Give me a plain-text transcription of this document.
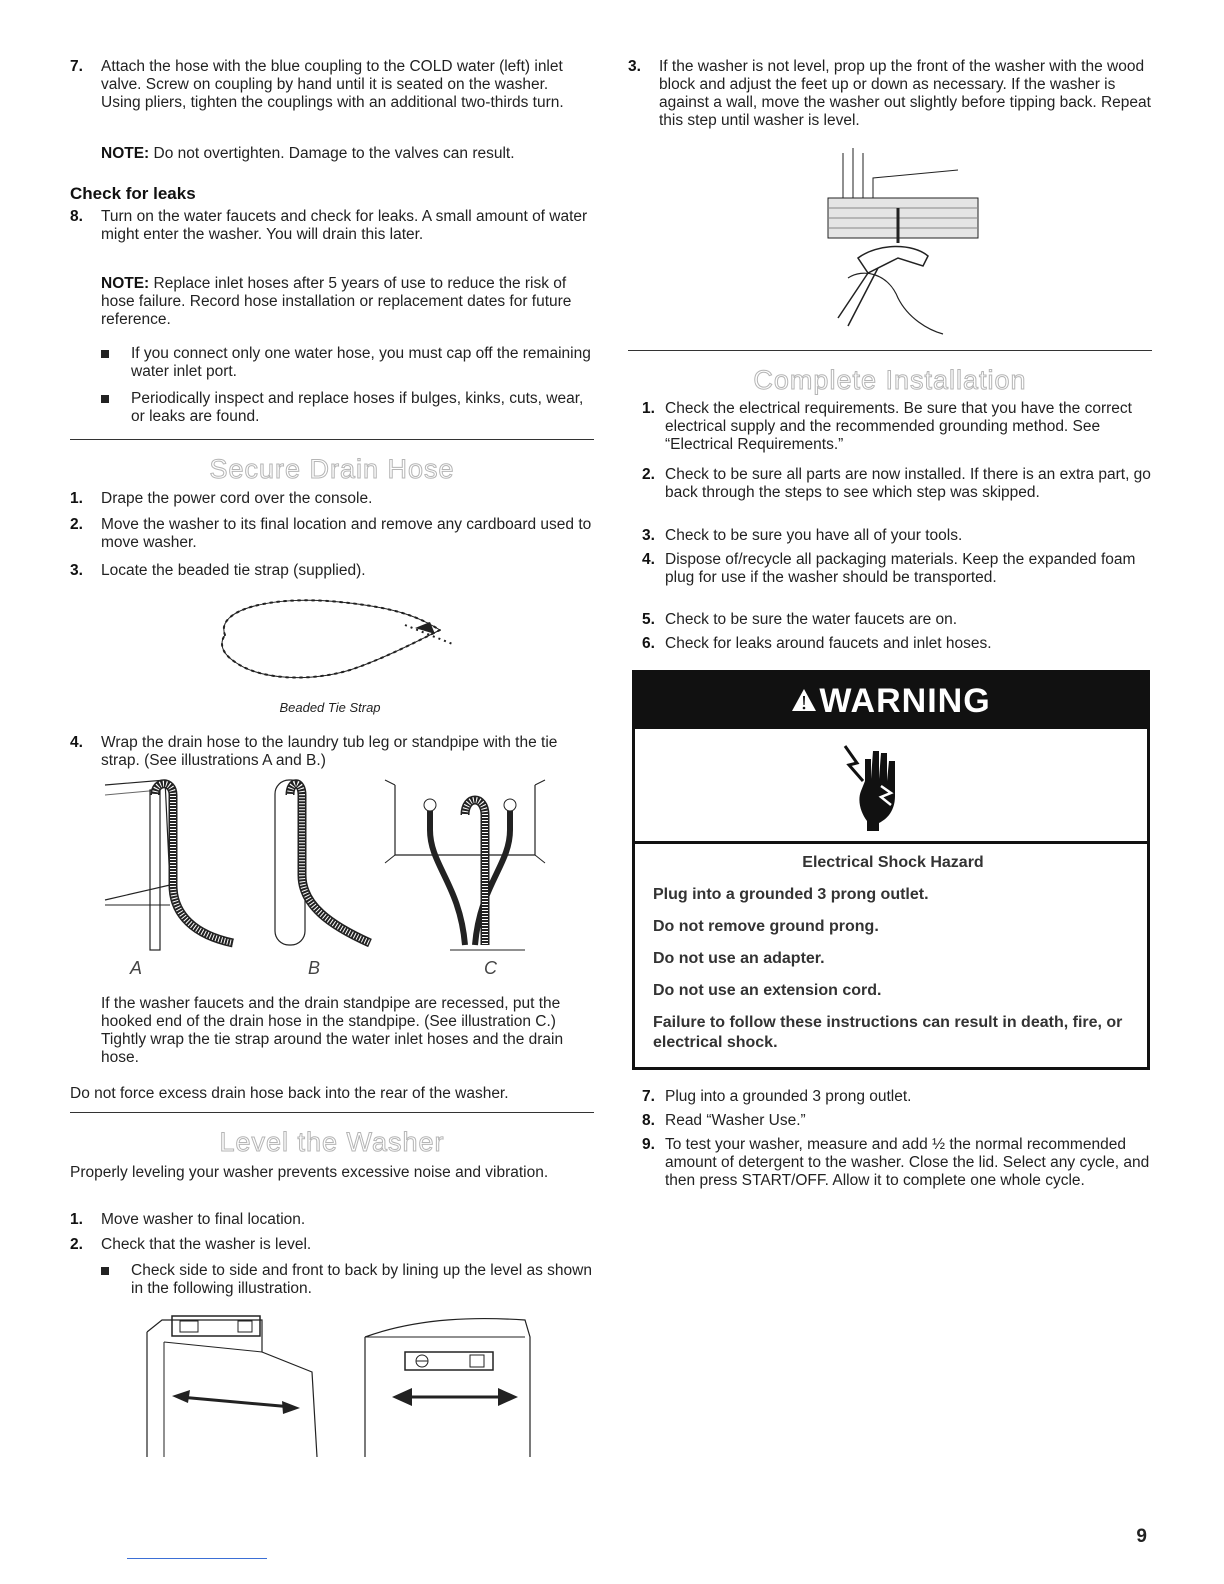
7. Attach the hose with the blue coupling to the COLD water (left) inlet valve. Screw on coupling by hand until it is seated on the washer. Using pliers, tighten the couplings with an additional two-thirds turn.
NOTE: Do not overtighten. Damage to the valves can result.
Check for leaks
8. Turn on the water faucets and check for leaks. A small amount of water might enter the washer. You will drain this later.
NOTE: Replace inlet hoses after 5 years of use to reduce the risk of hose failure. Record hose installation or replacement dates for future reference.
If you connect only one water hose, you must cap off the remaining water inlet port.
Periodically inspect and replace hoses if bulges, kinks, cuts, wear, or leaks are found.
Secure Drain Hose
1. Drape the power cord over the console.
2. Move the washer to its final location and remove any cardboard used to move washer.
3. Locate the beaded tie strap (supplied).
Beaded Tie Strap
4. Wrap the drain hose to the laundry tub leg or standpipe with the tie strap. (See illustrations A and B.)
A	B	C
If the washer faucets and the drain standpipe are recessed, put the hooked end of the drain hose in the standpipe. (See illustration C.) Tightly wrap the tie strap around the water inlet hoses and the drain hose.
Do not force excess drain hose back into the rear of the washer.
Level the Washer
Properly leveling your washer prevents excessive noise and vibration.
1. Move washer to final location.
2. Check that the washer is level.
Check side to side and front to back by lining up the level as shown in the following illustration.
3. If the washer is not level, prop up the front of the washer with the wood block and adjust the feet up or down as necessary. If the washer is against a wall, move the washer out slightly before tipping back. Repeat this step until washer is level.
Complete Installation
1. Check the electrical requirements. Be sure that you have the correct electrical supply and the recommended grounding method. See “Electrical Requirements.”
2. Check to be sure all parts are now installed. If there is an extra part, go back through the steps to see which step was skipped.
3. Check to be sure you have all of your tools.
4. Dispose of/recycle all packaging materials. Keep the expanded foam plug for use if the washer should be transported.
5. Check to be sure the water faucets are on.
6. Check for leaks around faucets and inlet hoses.
7. Plug into a grounded 3 prong outlet.
8. Read “Washer Use.”
9. To test your washer, measure and add ½ the normal recommended amount of detergent to the washer. Close the lid. Select any cycle, and then press START/OFF. Allow it to complete one whole cycle.
WARNING
Electrical Shock Hazard
Plug into a grounded 3 prong outlet.
Do not remove ground prong.
Do not use an adapter.
Do not use an extension cord.
Failure to follow these instructions can result in death, fire, or electrical shock.
9
